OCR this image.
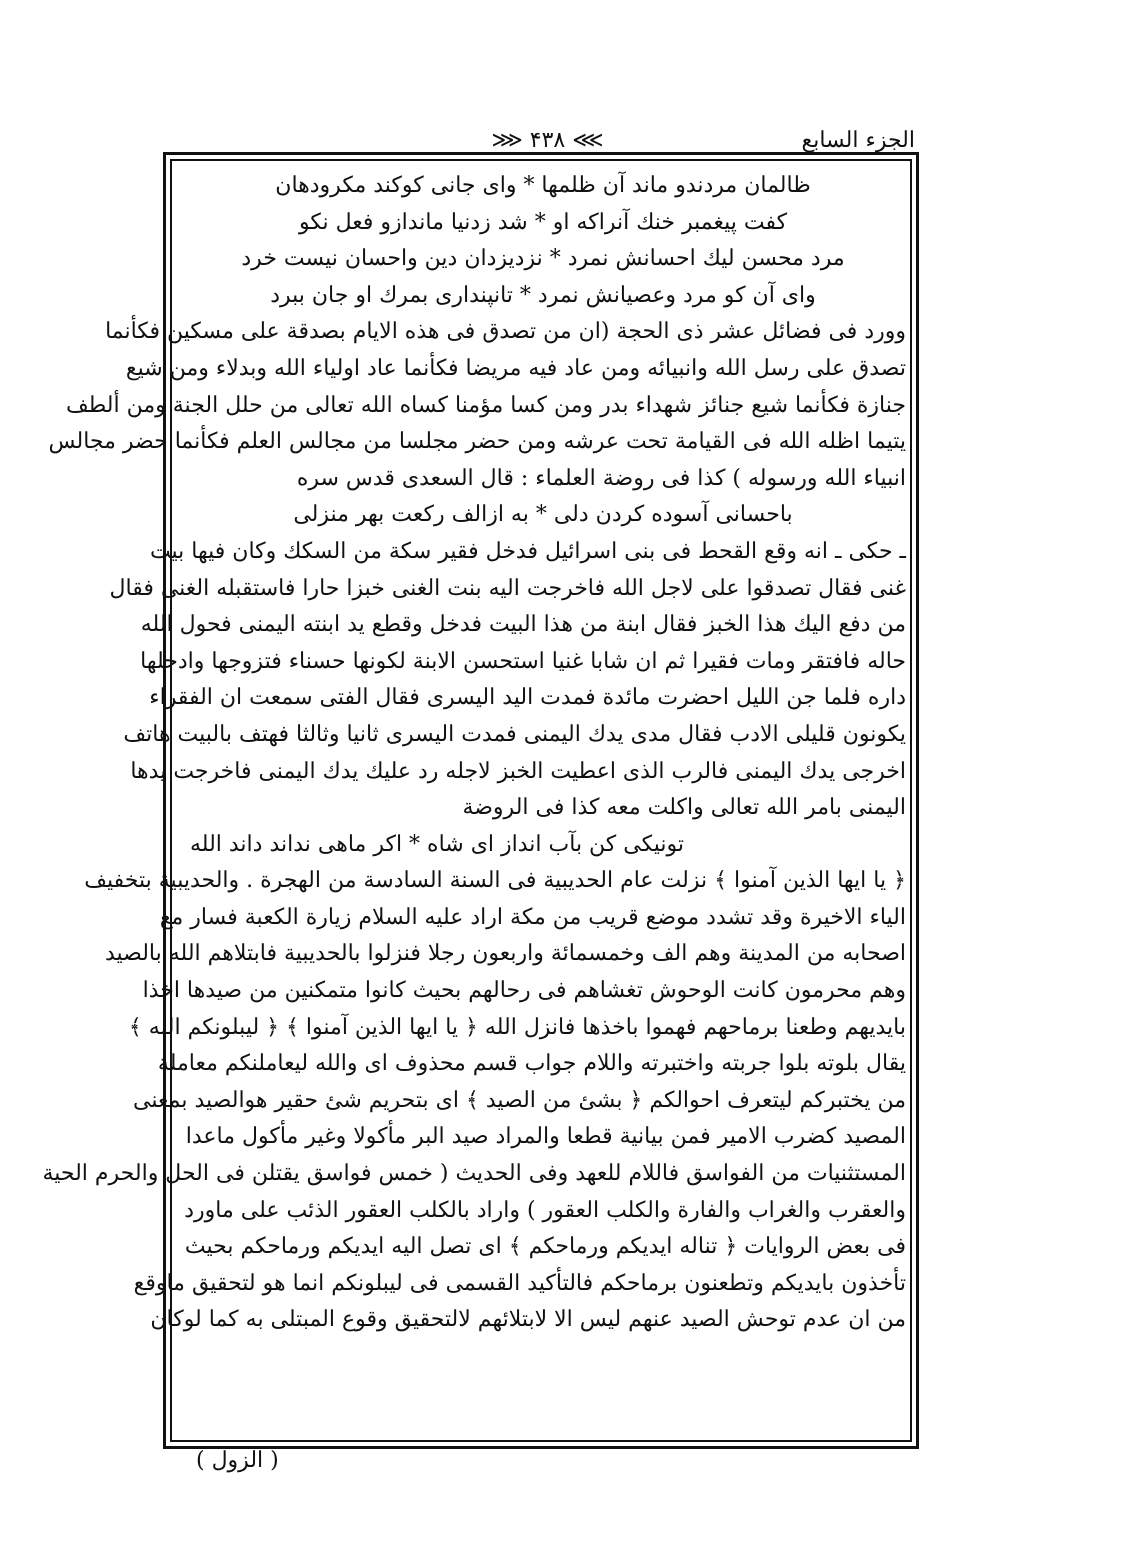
الجزء السابع
⋙ ۴۳۸ ⋘
ظالمان مردندو ماند آن ظلمها * وای جانی کوکند مکرودهان
کفت پیغمبر خنك آنراکه او * شد زدنیا ماندازو فعل نکو
مرد محسن لیك احسانش نمرد * نزدیزدان دین واحسان نیست خرد
وای آن کو مرد وعصیانش نمرد * تانپنداری بمرك او جان ببرد
وورد فی فضائل عشر ذی الحجة (ان من تصدق فی هذه الایام بصدقة علی مسکین فکأنما
تصدق علی رسل الله وانبیائه ومن عاد فیه مریضا فکأنما عاد اولیاء الله وبدلاء ومن شیع
جنازة فکأنما شیع جنائز شهداء بدر ومن کسا مؤمنا کساه الله تعالی من حلل الجنة ومن ألطف
یتیما اظله الله فی القیامة تحت عرشه ومن حضر مجلسا من مجالس العلم فکأنما حضر مجالس
انبیاء الله ورسوله ) کذا فی روضة العلماء : قال السعدی قدس سره
باحسانی آسوده کردن دلی * به ازالف رکعت بهر منزلی
ـ حکی ـ انه وقع القحط فی بنی اسرائیل فدخل فقیر سکة من السکك وکان فیها بیت
غنی فقال تصدقوا علی لاجل الله فاخرجت الیه بنت الغنی خبزا حارا فاستقبله الغنی فقال
من دفع الیك هذا الخبز فقال ابنة من هذا البیت فدخل وقطع ید ابنته الیمنی فحول الله
حاله فافتقر ومات فقیرا ثم ان شابا غنیا استحسن الابنة لکونها حسناء فتزوجها وادخلها
داره فلما جن اللیل احضرت مائدة فمدت الید الیسری فقال الفتی سمعت ان الفقراء
یکونون قلیلی الادب فقال مدی یدك الیمنی فمدت الیسری ثانیا وثالثا فهتف بالبیت هاتف
اخرجی یدك الیمنی فالرب الذی اعطیت الخبز لاجله رد علیك یدك الیمنی فاخرجت یدها
الیمنی بامر الله تعالی واکلت معه کذا فی الروضة
تونیکی کن بآب انداز ای شاه * اکر ماهی نداند داند الله
﴿ یا ایها الذین آمنوا ﴾ نزلت عام الحدیبیة فی السنة السادسة من الهجرة . والحدیبیة بتخفیف
الیاء الاخیرة وقد تشدد موضع قریب من مکة اراد علیه السلام زیارة الکعبة فسار مع
اصحابه من المدینة وهم الف وخمسمائة واربعون رجلا فنزلوا بالحدیبیة فابتلاهم الله بالصید
وهم محرمون کانت الوحوش تغشاهم فی رحالهم بحیث کانوا متمکنین من صیدها اخذا
بایدیهم وطعنا برماحهم فهموا باخذها فانزل الله ﴿ یا ایها الذین آمنوا ﴾ ﴿ لیبلونکم الله ﴾
یقال بلوته بلوا جربته واختبرته واللام جواب قسم محذوف ای والله لیعاملنکم معاملة
من یختبرکم لیتعرف احوالکم ﴿ بشئ من الصید ﴾ ای بتحریم شئ حقیر هوالصید بمعنی
المصید کضرب الامیر فمن بیانیة قطعا والمراد صید البر مأکولا وغیر مأکول ماعدا
المستثنیات من الفواسق فاللام للعهد وفی الحدیث ( خمس فواسق یقتلن فی الحل والحرم الحیة
والعقرب والغراب والفارة والکلب العقور ) واراد بالکلب العقور الذئب علی ماورد
فی بعض الروایات ﴿ تناله ایدیکم ورماحکم ﴾ ای تصل الیه ایدیکم ورماحکم بحیث
تأخذون بایدیکم وتطعنون برماحکم فالتأکید القسمی فی لیبلونکم انما هو لتحقیق ماوقع
من ان عدم توحش الصید عنهم لیس الا لابتلائهم لالتحقیق وقوع المبتلی به کما لوکان
( الزول )
